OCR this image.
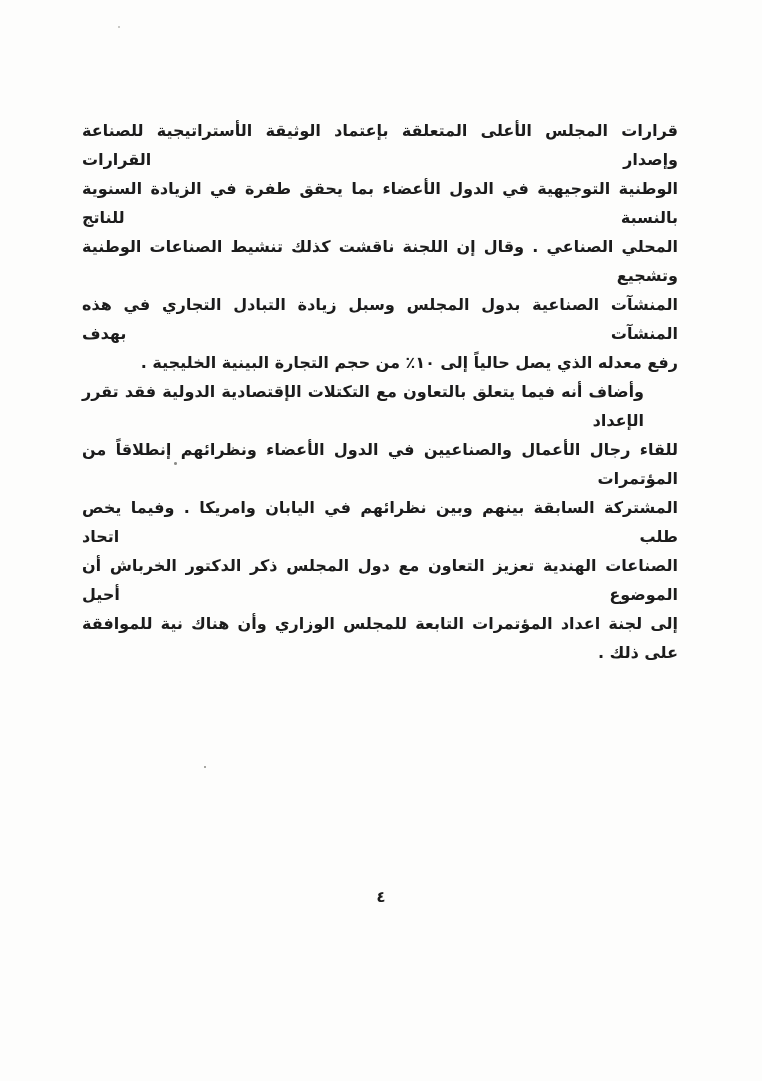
قرارات المجلس الأعلى المتعلقة بإعتماد الوثيقة الأستراتيجية للصناعة وإصدار القرارات
الوطنية التوجيهية في الدول الأعضاء بما يحقق طفرة في الزيادة السنوية بالنسبة للناتج
المحلي الصناعي . وقال إن اللجنة ناقشت كذلك تنشيط الصناعات الوطنية وتشجيع
المنشآت الصناعية بدول المجلس وسبل زيادة التبادل التجاري في هذه المنشآت بهدف
رفع معدله الذي يصل حالياً إلى ١٠٪ من حجم التجارة البينية الخليجية .

وأضاف أنه فيما يتعلق بالتعاون مع التكتلات الإقتصادية الدولية فقد تقرر الإعداد
للقاء رجال الأعمال والصناعيين في الدول الأعضاء ونظرائهم إنطلاقاً من المؤتمرات
المشتركة السابقة بينهم وبين نظرائهم في اليابان وامريكا . وفيما يخص طلب اتحاد
الصناعات الهندية تعزيز التعاون مع دول المجلس ذكر الدكتور الخرباش أن الموضوع أحيل
إلى لجنة اعداد المؤتمرات التابعة للمجلس الوزاري وأن هناك نية للموافقة على ذلك .

٤
